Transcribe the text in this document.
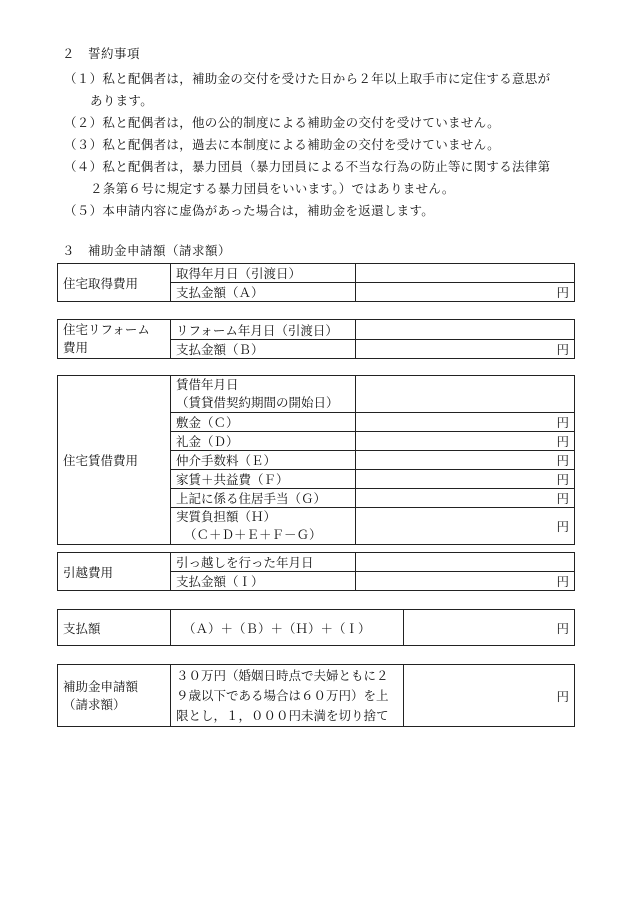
２　誓約事項
（１）私と配偶者は，補助金の交付を受けた日から２年以上取手市に定住する意思が
あります。
（２）私と配偶者は，他の公的制度による補助金の交付を受けていません。
（３）私と配偶者は，過去に本制度による補助金の交付を受けていません。
（４）私と配偶者は，暴力団員（暴力団員による不当な行為の防止等に関する法律第
２条第６号に規定する暴力団員をいいます。）ではありません。
（５）本申請内容に虚偽があった場合は，補助金を返還します。
３　補助金申請額（請求額）
住宅取得費用	取得年月日（引渡日）	
	支払金額（Ａ）	円
住宅リフォーム
費用	リフォーム年月日（引渡日）	
	支払金額（Ｂ）	円
住宅賃借費用	賃借年月日
（賃貸借契約期間の開始日）	
	敷金（Ｃ）	円
	礼金（Ｄ）	円
	仲介手数料（Ｅ）	円
	家賃＋共益費（Ｆ）	円
	上記に係る住居手当（Ｇ）	円
	実質負担額（Ｈ）
（Ｃ＋Ｄ＋Ｅ＋Ｆ－Ｇ）	円
引越費用	引っ越しを行った年月日	
	支払金額（Ｉ）	円
支払額	（Ａ）＋（Ｂ）＋（Ｈ）＋（Ｉ）	円
補助金申請額
（請求額）	３０万円（婚姻日時点で夫婦ともに２９歳以下である場合は６０万円）を上限とし，１，０００円未満を切り捨て	円
